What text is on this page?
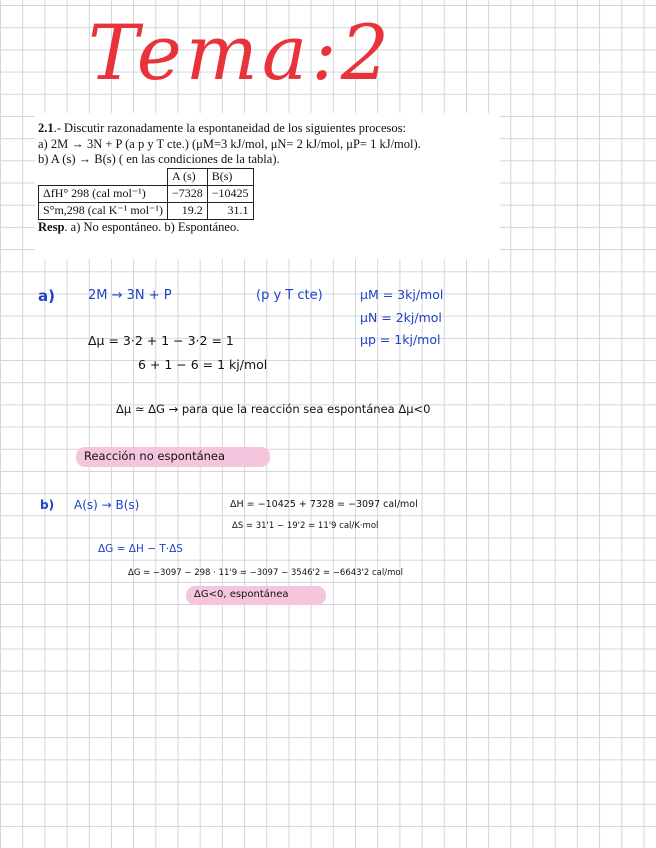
Tema:2
2.1.- Discutir razonadamente la espontaneidad de los siguientes procesos:
a) 2M → 3N + P (a p y T cte.) (μM=3 kJ/mol, μN= 2 kJ/mol, μP= 1 kJ/mol).
b) A (s) → B(s) ( en las condiciones de la tabla).
	A (s)	B(s)
ΔfH° 298 (cal mol⁻¹)	−7328	−10425
S°m,298 (cal K⁻¹ mol⁻¹)	19.2	31.1
Resp. a) No espontáneo. b) Espontáneo.
a)	2M → 3N + P	(p y T cte)	μM = 3kj/mol
μN = 2kj/mol
μp = 1kj/mol
Δμ = 3·2 + 1 − 3·2 = 1
6 + 1 − 6 = 1 kj/mol
Δμ ≃ ΔG → para que la reacción sea espontánea Δμ<0
Reacción no espontánea
b) A(s) → B(s)	ΔH = −10425 + 7328 = −3097 cal/mol
ΔS = 31'1 − 19'2 = 11'9 cal/K·mol
ΔG = ΔH − T·ΔS
ΔG = −3097 − 298 · 11'9 = −3097 − 3546'2 = −6643'2 cal/mol
ΔG<0, espontánea
